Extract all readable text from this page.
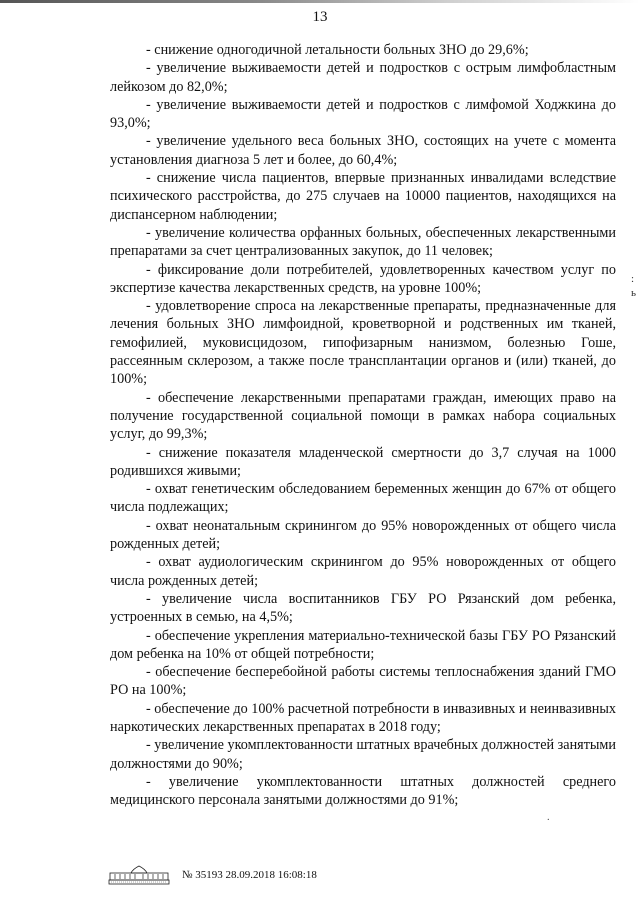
13

- снижение одногодичной летальности больных ЗНО до 29,6%;

- увеличение выживаемости детей и подростков с острым лимфобластным лейкозом до 82,0%;

- увеличение выживаемости детей и подростков с лимфомой Ходжкина до 93,0%;

- увеличение удельного веса больных ЗНО, состоящих на учете с момента установления диагноза 5 лет и более, до 60,4%;

- снижение числа пациентов, впервые признанных инвалидами вследствие психического расстройства, до 275 случаев на 10000 пациентов, находящихся на диспансерном наблюдении;

- увеличение количества орфанных больных, обеспеченных лекарственными препаратами за счет централизованных закупок, до 11 человек;

- фиксирование доли потребителей, удовлетворенных качеством услуг по экспертизе качества лекарственных средств, на уровне 100%;

- удовлетворение спроса на лекарственные препараты, предназначенные для лечения больных ЗНО лимфоидной, кроветворной и родственных им тканей, гемофилией, муковисцидозом, гипофизарным нанизмом, болезнью Гоше, рассеянным склерозом, а также после трансплантации органов и (или) тканей, до 100%;

- обеспечение лекарственными препаратами граждан, имеющих право на получение государственной социальной помощи в рамках набора социальных услуг, до 99,3%;

- снижение показателя младенческой смертности до 3,7 случая на 1000 родившихся живыми;

- охват генетическим обследованием беременных женщин до 67% от общего числа подлежащих;

- охват неонатальным скринингом до 95% новорожденных от общего числа рожденных детей;

- охват аудиологическим скринингом до 95% новорожденных от общего числа рожденных детей;

- увеличение числа воспитанников ГБУ РО Рязанский дом ребенка, устроенных в семью, на 4,5%;

- обеспечение укрепления материально-технической базы ГБУ РО Рязанский дом ребенка на 10% от общей потребности;

- обеспечение бесперебойной работы системы теплоснабжения зданий ГМО РО на 100%;

- обеспечение до 100% расчетной потребности в инвазивных и неинвазивных наркотических лекарственных препаратах в 2018 году;

- увеличение укомплектованности штатных врачебных должностей занятыми должностями до 90%;

- увеличение укомплектованности штатных должностей среднего медицинского персонала занятыми должностями до 91%;

:
ь
·
№ 35193 28.09.2018 16:08:18
